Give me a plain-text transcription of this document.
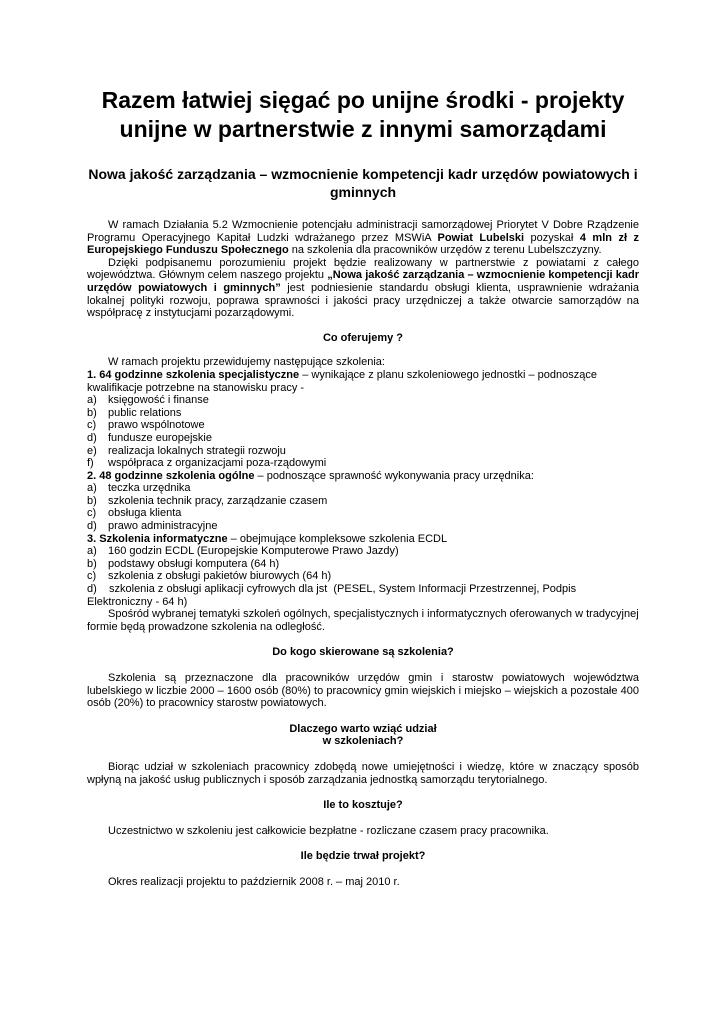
Razem łatwiej sięgać po unijne środki - projekty unijne w partnerstwie z innymi samorządami
Nowa jakość zarządzania – wzmocnienie kompetencji kadr urzędów powiatowych i gminnych

W ramach Działania 5.2 Wzmocnienie potencjału administracji samorządowej Priorytet V Dobre Rządzenie Programu Operacyjnego Kapitał Ludzki wdrażanego przez MSWiA Powiat Lubelski pozyskał 4 mln zł z Europejskiego Funduszu Społecznego na szkolenia dla pracowników urzędów z terenu Lubelszczyzny.

Dzięki podpisanemu porozumieniu projekt będzie realizowany w partnerstwie z powiatami z całego województwa. Głównym celem naszego projektu „Nowa jakość zarządzania – wzmocnienie kompetencji kadr urzędów powiatowych i gminnych” jest podniesienie standardu obsługi klienta, usprawnienie wdrażania lokalnej polityki rozwoju, poprawa sprawności i jakości pracy urzędniczej a także otwarcie samorządów na współpracę z instytucjami pozarządowymi.

Co oferujemy ?

W ramach projektu przewidujemy następujące szkolenia:

1. 64 godzinne szkolenia specjalistyczne – wynikające z planu szkoleniowego jednostki – podnoszące kwalifikacje potrzebne na stanowisku pracy -

a)	księgowość i finanse
b)	public relations
c)	prawo wspólnotowe
d)	fundusze europejskie
e)	realizacja lokalnych strategii rozwoju
f)	współpraca z organizacjami poza-rządowymi

2. 48 godzinne szkolenia ogólne – podnoszące sprawność wykonywania pracy urzędnika:

a)	teczka urzędnika
b)	szkolenia technik pracy, zarządzanie czasem
c)	obsługa klienta
d)	prawo administracyjne

3. Szkolenia informatyczne – obejmujące kompleksowe szkolenia ECDL

a)	160 godzin ECDL (Europejskie Komputerowe Prawo Jazdy)
b)	podstawy obsługi komputera (64 h)
c)	szkolenia z obsługi pakietów biurowych (64 h)

d)    szkolenia z obsługi aplikacji cyfrowych dla jst  (PESEL, System Informacji Przestrzennej, Podpis Elektroniczny - 64 h)

Spośród wybranej tematyki szkoleń ogólnych, specjalistycznych i informatycznych oferowanych w tradycyjnej formie będą prowadzone szkolenia na odległość.

Do kogo skierowane są szkolenia?

Szkolenia są przeznaczone dla pracowników urzędów gmin i starostw powiatowych województwa lubelskiego w liczbie 2000 – 1600 osób (80%) to pracownicy gmin wiejskich i miejsko – wiejskich a pozostałe 400 osób (20%) to pracownicy starostw powiatowych.

Dlaczego warto wziąć udział

w szkoleniach?

Biorąc udział w szkoleniach pracownicy zdobędą nowe umiejętności i wiedzę, które w znaczący sposób wpłyną na jakość usług publicznych i sposób zarządzania jednostką samorządu terytorialnego.

Ile to kosztuje?

Uczestnictwo w szkoleniu jest całkowicie bezpłatne - rozliczane czasem pracy pracownika.

Ile będzie trwał projekt?

Okres realizacji projektu to październik 2008 r. – maj 2010 r.
